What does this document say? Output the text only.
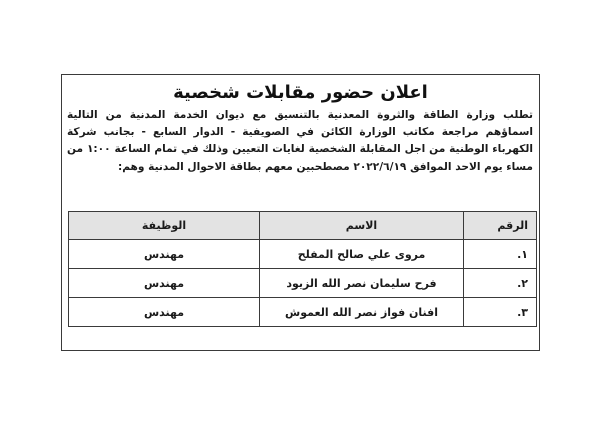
اعلان حضور مقابلات شخصية
تطلب وزارة الطاقة والثروة المعدنية بالتنسيق مع ديوان الخدمة المدنية من التالية اسماؤهم مراجعة مكاتب الوزارة الكائن في الصويفية - الدوار السابع - بجانب شركة الكهرباء الوطنية من اجل المقابلة الشخصية لغايات التعيين وذلك في تمام الساعة ١:٠٠ من مساء يوم الاحد الموافق ٢٠٢٢/٦/١٩ مصطحبين معهم بطاقة الاحوال المدنية وهم:
الرقم	الاسم	الوظيفة
١.	مروى علي صالح المفلح	مهندس
٢.	فرح سليمان نصر الله الزيود	مهندس
٣.	افنان فواز نصر الله العموش	مهندس
